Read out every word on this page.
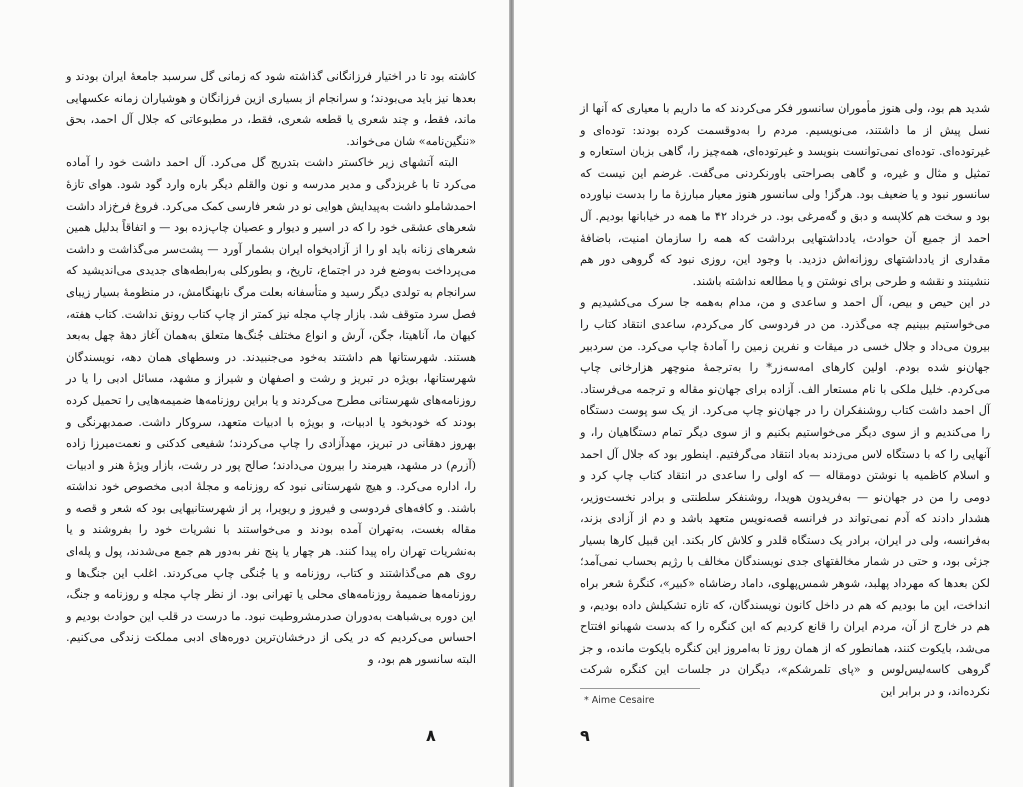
کاشته بود تا در اختیار فرزانگانی گذاشته شود که زمانی گل سرسبد جامعهٔ ایران بودند و بعدها نیز باید می‌بودند؛ و سرانجام از بسیاری ازین فرزانگان و هوشیاران زمانه عکسهایی ماند، فقط، و چند شعری یا قطعه شعری، فقط، در مطبوعاتی که جلال آل احمد، بحق «ننگین‌نامه» شان می‌خواند.

البته آتشهای زیر خاکستر داشت بتدریج گل می‌کرد. آل احمد داشت خود را آماده می‌کرد تا با غربزدگی و مدیر مدرسه و نون والقلم دیگر باره وارد گود شود. هوای تازهٔ احمدشاملو داشت به‌پیدایش هوایی نو در شعر فارسی کمک می‌کرد. فروغ فرخ‌زاد داشت شعرهای عشقی خود را که در اسیر و دیوار و عصیان چاپ‌زده بود — و اتفاقاً بدلیل همین شعرهای زنانه باید او را از آزادیخواه ایران بشمار آورد — پشت‌سر می‌گذاشت و داشت می‌پرداخت به‌وضع فرد در اجتماع، تاریخ، و بطورکلی به‌رابطه‌های جدیدی می‌اندیشید که سرانجام به تولدی دیگر رسید و متأسفانه بعلت مرگ نابهنگامش، در منظومهٔ بسیار زیبای فصل سرد متوقف شد. بازار چاپ مجله نیز کمتر از چاپ کتاب رونق نداشت. کتاب هفته، کیهان ما، آناهیتا، جگن، آرش و انواع مختلف جُنگ‌ها متعلق به‌همان آغاز دههٔ چهل به‌بعد هستند. شهرستانها هم داشتند به‌خود می‌جنبیدند. در وسطهای همان دهه، نویسندگان شهرستانها، بویژه در تبریز و رشت و اصفهان و شیراز و مشهد، مسائل ادبی را یا در روزنامه‌های شهرستانی مطرح می‌کردند و یا براین روزنامه‌ها ضمیمه‌هایی را تحمیل کرده بودند که خودبخود یا ادبیات، و بویژه با ادبیات متعهد، سروکار داشت. صمدبهرنگی و بهروز دهقانی در تبریز، مهدآزادی را چاپ می‌کردند؛ شفیعی کدکنی و نعمت‌میرزا زاده (آزرم) در مشهد، هیرمند را بیرون می‌دادند؛ صالح پور در رشت، بازار ویژهٔ هنر و ادبیات را، اداره می‌کرد. و هیچ شهرستانی نبود که روزنامه و مجلهٔ ادبی مخصوص خود نداشته باشند. و کافه‌های فردوسی و فیروز و ریویرا، پر از شهرستانیهایی بود که شعر و قصه و مقاله بغست، به‌تهران آمده بودند و می‌خواستند با نشریات خود را بفروشند و یا به‌نشریات تهران راه پیدا کنند. هر چهار یا پنج نفر به‌دور هم جمع می‌شدند، پول و پله‌ای روی هم می‌گذاشتند و کتاب، روزنامه و یا جُنگی چاپ می‌کردند. اغلب این جنگ‌ها و روزنامه‌ها ضمیمهٔ روزنامه‌های محلی یا تهرانی بود. از نظر چاپ مجله و روزنامه و جنگ، این دوره بی‌شباهت به‌دوران صدرمشروطیت نبود. ما درست در قلب این حوادث بودیم و احساس می‌کردیم که در یکی از درخشان‌ترین دوره‌های ادبی مملکت زندگی می‌کنیم. البته سانسور هم بود، و

۸

شدید هم بود، ولی هنوز مأموران سانسور فکر می‌کردند که ما داریم با معیاری که آنها از نسل پیش از ما داشتند، می‌نویسیم. مردم را به‌دوقسمت کرده بودند: توده‌ای و غیرتوده‌ای. توده‌ای نمی‌توانست بنویسد و غیرتوده‌ای، همه‌چیز را، گاهی بزبان استعاره و تمثیل و مثال و غیره، و گاهی بصراحتی باورنکردنی می‌گفت. غرضم این نیست که سانسور نبود و یا ضعیف بود. هرگز! ولی سانسور هنوز معیار مبارزهٔ ما را بدست نیاورده بود و سخت هم کلاپسه و دبق و گه‌مرغی بود. در خرداد ۴۲ ما همه در خیابانها بودیم. آل احمد از جمیع آن حوادث، یادداشتهایی برداشت که همه را سازمان امنیت، باضافهٔ مقداری از یادداشتهای روزانه‌اش دزدید. با وجود این، روزی نبود که گروهی دور هم ننشینند و نقشه و طرحی برای نوشتن و یا مطالعه نداشته باشند.

در این حیص و بیص، آل احمد و ساعدی و من، مدام به‌همه جا سرک می‌کشیدیم و می‌خواستیم ببینیم چه می‌گذرد. من در فردوسی کار می‌کردم، ساعدی انتقاد کتاب را بیرون می‌داد و جلال خسی در میقات و نفرین زمین را آمادهٔ چاپ می‌کرد. من سردبیر جهان‌نو شده بودم. اولین کارهای امه‌سه‌زر* را به‌ترجمهٔ منوچهر هزارخانی چاپ می‌کردم. خلیل ملکی با نام مستعار الف. آزاده برای جهان‌نو مقاله و ترجمه می‌فرستاد. آل احمد داشت کتاب روشنفکران را در جهان‌نو چاپ می‌کرد. از یک سو پوست دستگاه را می‌کندیم و از سوی دیگر می‌خواستیم بکنیم و از سوی دیگر تمام دستگاهیان را، و آنهایی را که با دستگاه لاس می‌زدند به‌باد انتقاد می‌گرفتیم. اینطور بود که جلال آل احمد و اسلام کاظمیه با نوشتن دومقاله — که اولی را ساعدی در انتقاد کتاب چاپ کرد و دومی را من در جهان‌نو — به‌فریدون هویدا، روشنفکر سلطنتی و برادر نخست‌وزیر، هشدار دادند که آدم نمی‌تواند در فرانسه قصه‌نویس متعهد باشد و دم از آزادی بزند، به‌فرانسه، ولی در ایران، برادر یک دستگاه قلدر و کلاش کار بکند. این قبیل کارها بسیار جزئی بود، و حتی در شمار مخالفتهای جدی نویسندگان مخالف با رژیم بحساب نمی‌آمد؛ لکن بعدها که مهرداد پهلبد، شوهر شمس‌پهلوی، داماد رضاشاه «کبیر»، کنگرهٔ شعر براه انداخت، این ما بودیم که هم در داخل کانون نویسندگان، که تازه تشکیلش داده بودیم، و هم در خارج از آن، مردم ایران را قانع کردیم که این کنگره را که بدست شهبانو افتتاح می‌شد، بایکوت کنند، همانطور که از همان روز تا به‌امروز این کنگره بایکوت مانده، و جز گروهی کاسه‌لیس‌لوس و «پای تلمرشکم»، دیگران در جلسات این کنگره شرکت نکرده‌اند، و در برابر این

* Aime Cesaire
۹
